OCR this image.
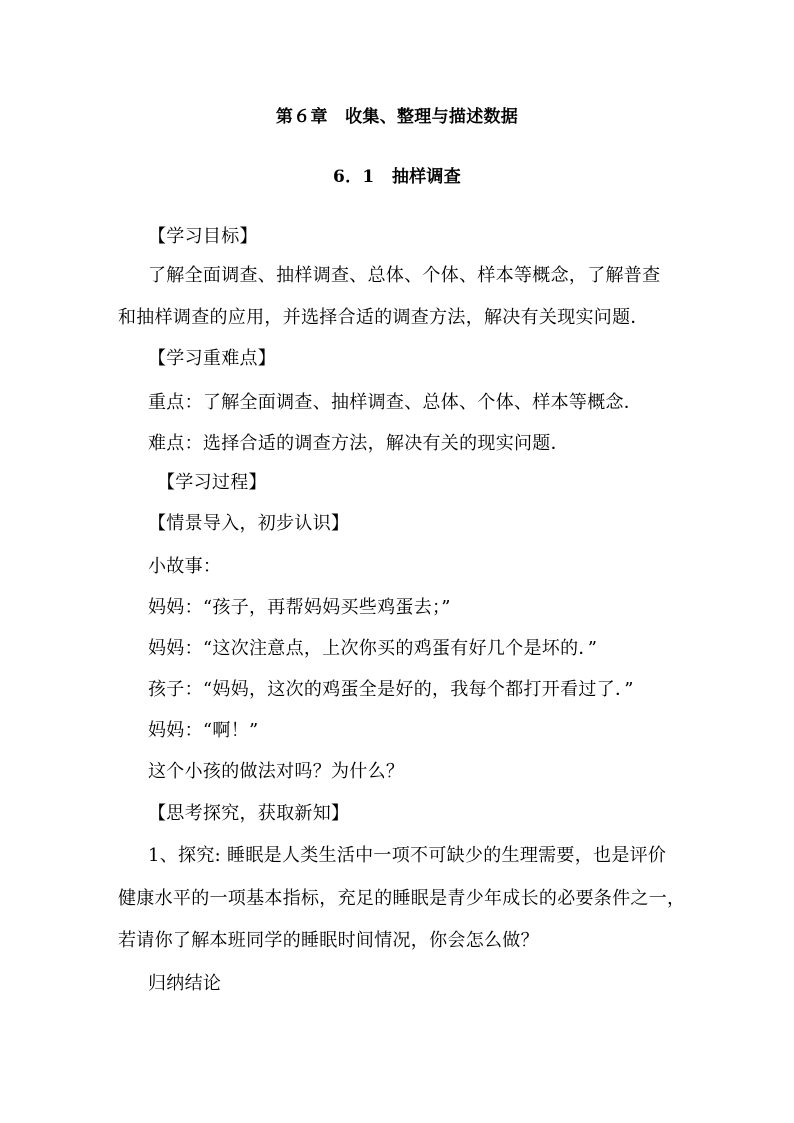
第６章　收集、整理与描述数据
6．1　抽样调查
【学习目标】
了解全面调查、抽样调查、总体、个体、样本等概念，了解普查
和抽样调查的应用，并选择合适的调查方法，解决有关现实问题．
【学习重难点】
重点：了解全面调查、抽样调查、总体、个体、样本等概念．
难点：选择合适的调查方法，解决有关的现实问题．
【学习过程】
【情景导入，初步认识】
小故事：
妈妈：“孩子，再帮妈妈买些鸡蛋去；”
妈妈：“这次注意点，上次你买的鸡蛋有好几个是坏的．”
孩子：“妈妈，这次的鸡蛋全是好的，我每个都打开看过了．”
妈妈：“啊！”
这个小孩的做法对吗？为什么？
【思考探究，获取新知】
1、探究: 睡眠是人类生活中一项不可缺少的生理需要，也是评价
健康水平的一项基本指标，充足的睡眠是青少年成长的必要条件之一，
若请你了解本班同学的睡眠时间情况，你会怎么做？
归纳结论
